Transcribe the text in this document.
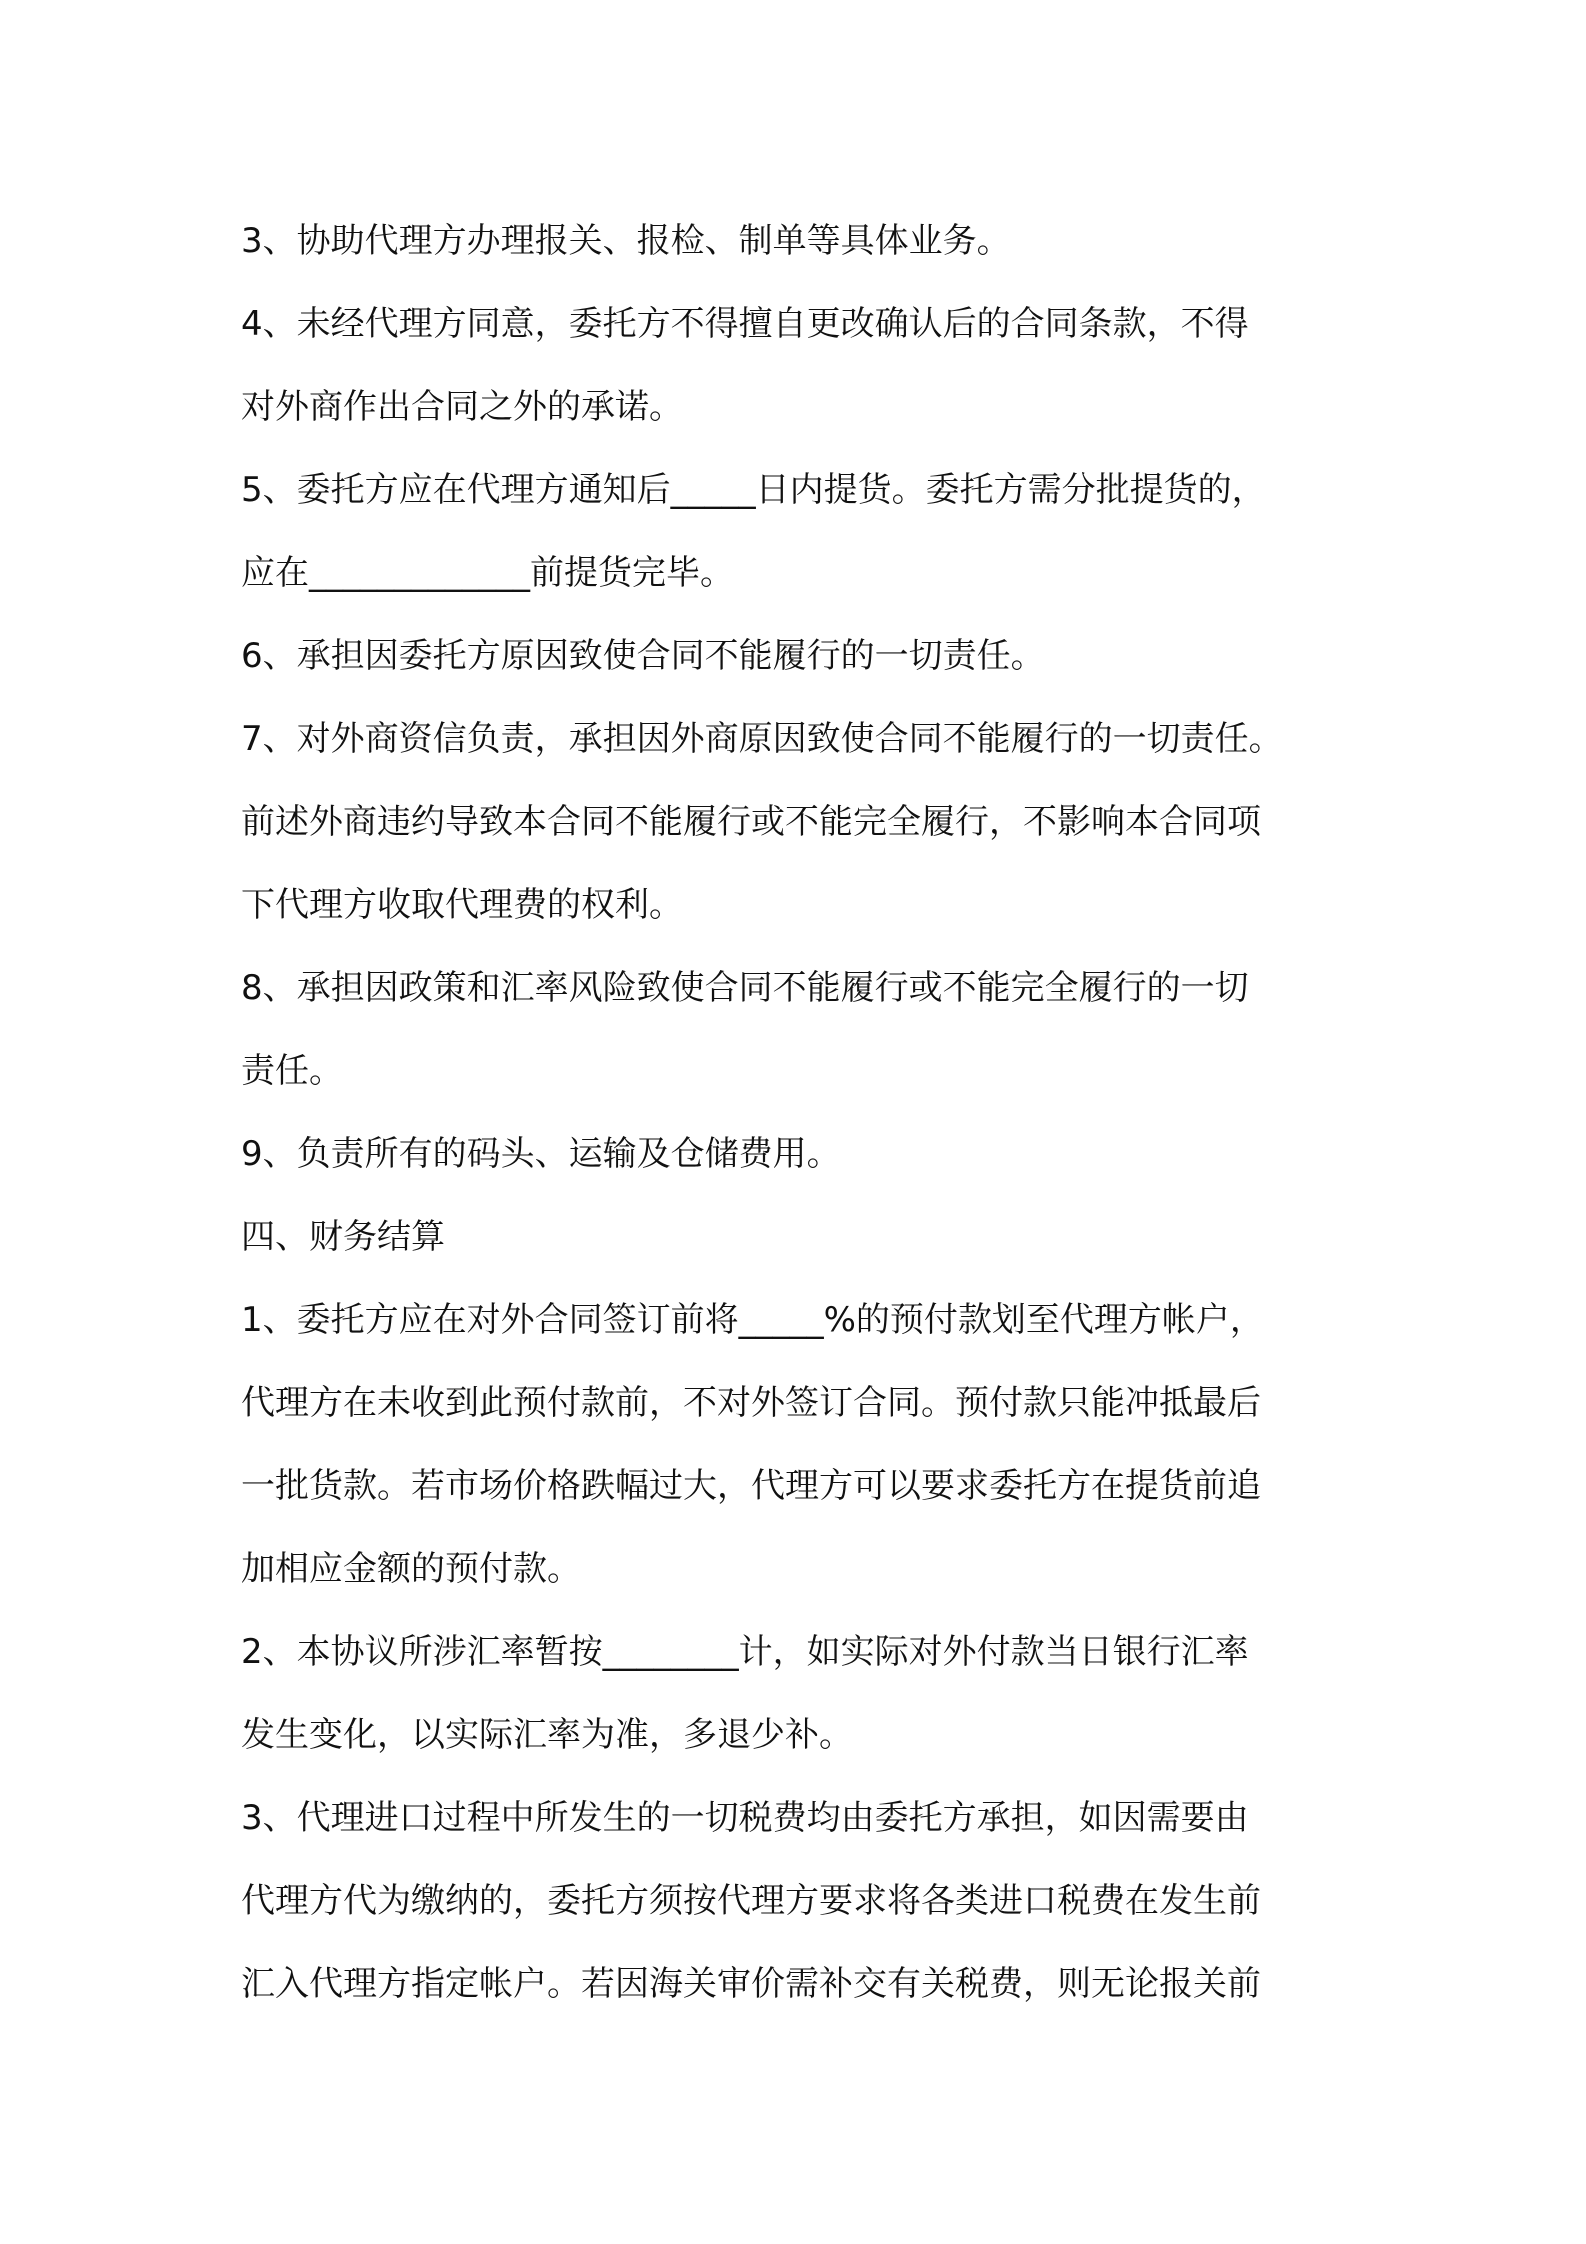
3、协助代理方办理报关、报检、制单等具体业务。
4、未经代理方同意，委托方不得擅自更改确认后的合同条款，不得
对外商作出合同之外的承诺。
5、委托方应在代理方通知后_____日内提货。委托方需分批提货的，
应在_____________前提货完毕。
6、承担因委托方原因致使合同不能履行的一切责任。
7、对外商资信负责，承担因外商原因致使合同不能履行的一切责任。
前述外商违约导致本合同不能履行或不能完全履行，不影响本合同项
下代理方收取代理费的权利。
8、承担因政策和汇率风险致使合同不能履行或不能完全履行的一切
责任。
9、负责所有的码头、运输及仓储费用。
四、财务结算
1、委托方应在对外合同签订前将_____%的预付款划至代理方帐户，
代理方在未收到此预付款前，不对外签订合同。预付款只能冲抵最后
一批货款。若市场价格跌幅过大，代理方可以要求委托方在提货前追
加相应金额的预付款。
2、本协议所涉汇率暂按________计，如实际对外付款当日银行汇率
发生变化，以实际汇率为准，多退少补。
3、代理进口过程中所发生的一切税费均由委托方承担，如因需要由
代理方代为缴纳的，委托方须按代理方要求将各类进口税费在发生前
汇入代理方指定帐户。若因海关审价需补交有关税费，则无论报关前
